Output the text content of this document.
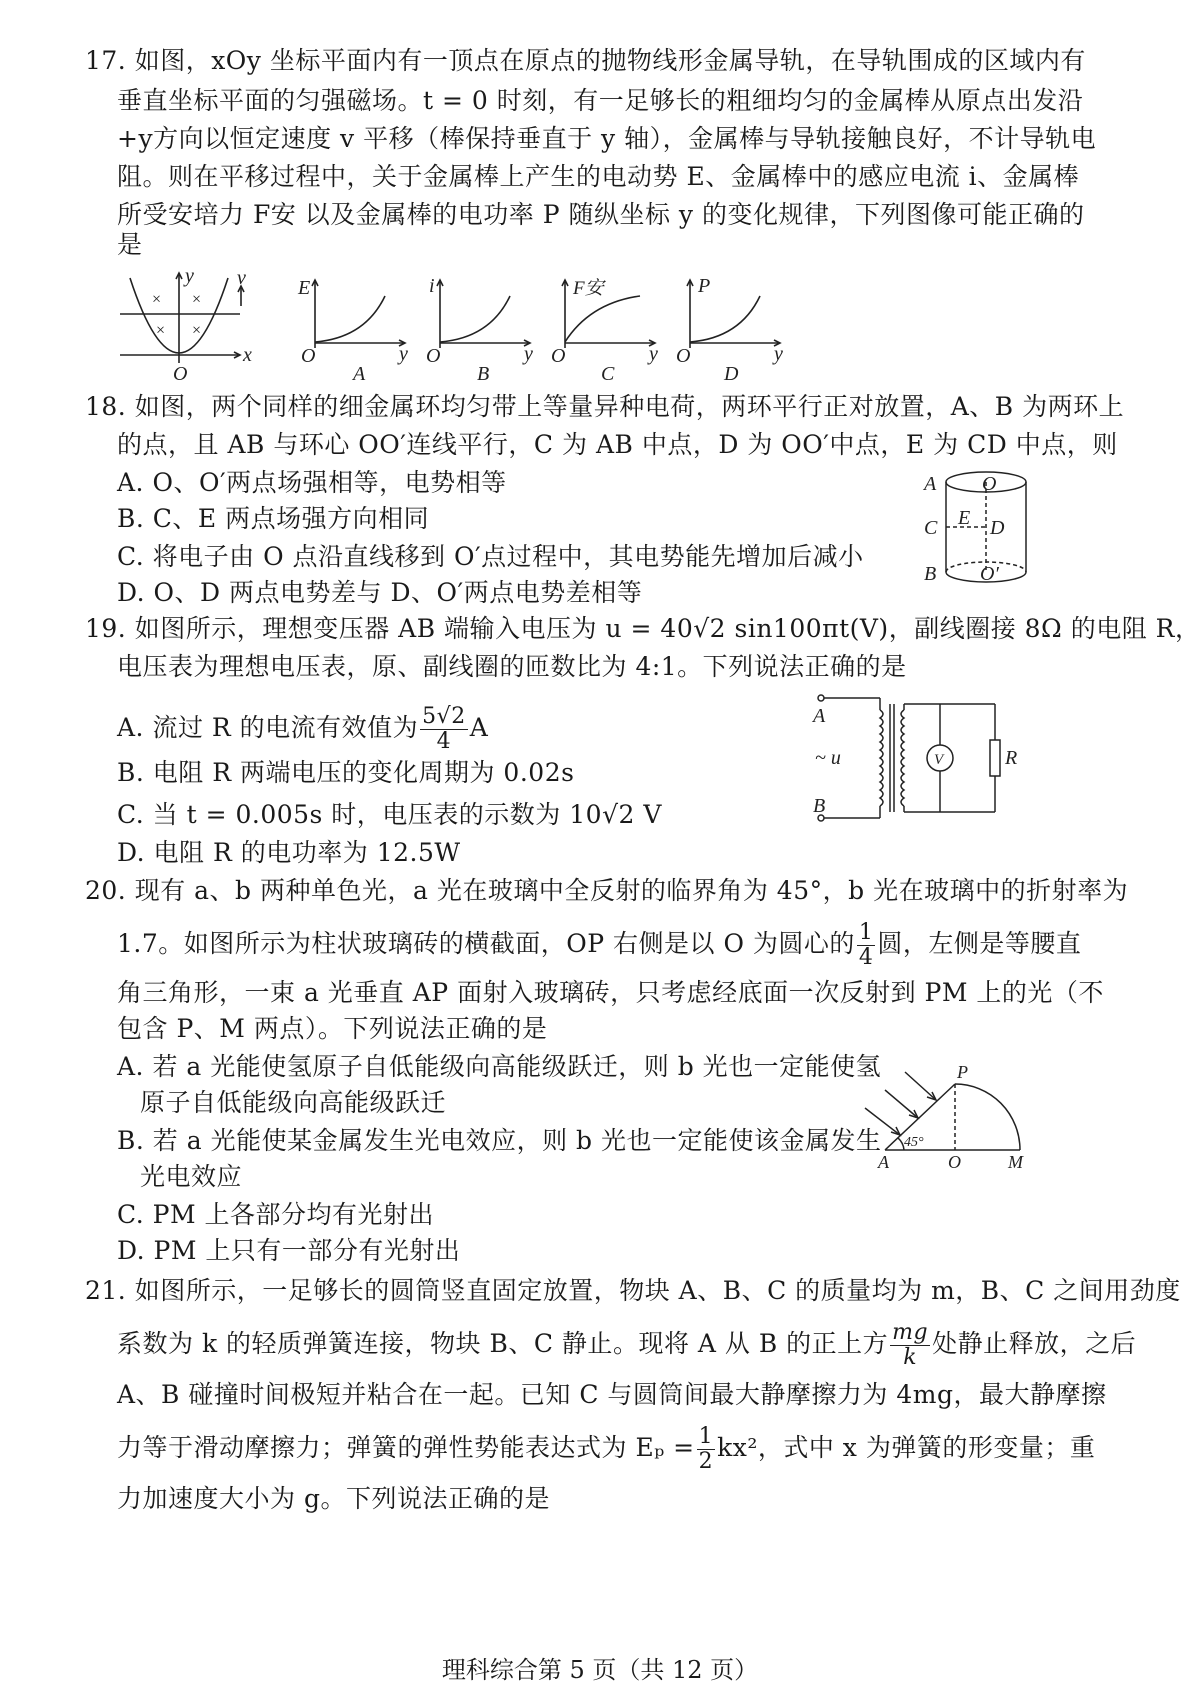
17. 如图，xOy 坐标平面内有一顶点在原点的抛物线形金属导轨，在导轨围成的区域内有
垂直坐标平面的匀强磁场。t = 0 时刻，有一足够长的粗细均匀的金属棒从原点出发沿
+y方向以恒定速度 v 平移（棒保持垂直于 y 轴），金属棒与导轨接触良好，不计导轨电
阻。则在平移过程中，关于金属棒上产生的电动势 E、金属棒中的感应电流 i、金属棒
所受安培力 F安 以及金属棒的电功率 P 随纵坐标 y 的变化规律，下列图像可能正确的
是
y
x
O
v
× ×
× ×
E
y
O
A
i
y
O
B
F安
y
O
C
P
y
O
D
18. 如图，两个同样的细金属环均匀带上等量异种电荷，两环平行正对放置，A、B 为两环上
的点，且 AB 与环心 OO′连线平行，C 为 AB 中点，D 为 OO′中点，E 为 CD 中点，则
A. O、O′两点场强相等，电势相等
B. C、E 两点场强方向相同
C. 将电子由 O 点沿直线移到 O′点过程中，其电势能先增加后减小
D. O、D 两点电势差与 D、O′两点电势差相等
A
C
B
O
E D
O′
19. 如图所示，理想变压器 AB 端输入电压为 u = 40√2 sin100πt(V)，副线圈接 8Ω 的电阻 R，
电压表为理想电压表，原、副线圈的匝数比为 4:1。下列说法正确的是
A. 流过 R 的电流有效值为 $\frac{5√2}{4}$ A
B. 电阻 R 两端电压的变化周期为 0.02s
C. 当 t = 0.005s 时，电压表的示数为 10√2 V
D. 电阻 R 的电功率为 12.5W
A
B
~ u	V	R
20. 现有 a、b 两种单色光，a 光在玻璃中全反射的临界角为 45°，b 光在玻璃中的折射率为
1.7。如图所示为柱状玻璃砖的横截面，OP 右侧是以 O 为圆心的 $\frac{1}{4}$ 圆，左侧是等腰直
角三角形，一束 a 光垂直 AP 面射入玻璃砖，只考虑经底面一次反射到 PM 上的光（不
包含 P、M 两点）。下列说法正确的是
A. 若 a 光能使氢原子自低能级向高能级跃迁，则 b 光也一定能使氢
原子自低能级向高能级跃迁
B. 若 a 光能使某金属发生光电效应，则 b 光也一定能使该金属发生
光电效应
C. PM 上各部分均有光射出
D. PM 上只有一部分有光射出
P
A	O	M
45°
21. 如图所示，一足够长的圆筒竖直固定放置，物块 A、B、C 的质量均为 m，B、C 之间用劲度
系数为 k 的轻质弹簧连接，物块 B、C 静止。现将 A 从 B 的正上方 $\frac{mg}{k}$ 处静止释放，之后
A、B 碰撞时间极短并粘合在一起。已知 C 与圆筒间最大静摩擦力为 4mg，最大静摩擦
力等于滑动摩擦力；弹簧的弹性势能表达式为 $E_p = \frac{1}{2} kx^2$，式中 x 为弹簧的形变量；重
力加速度大小为 g。下列说法正确的是
理科综合第 5 页（共 12 页）
